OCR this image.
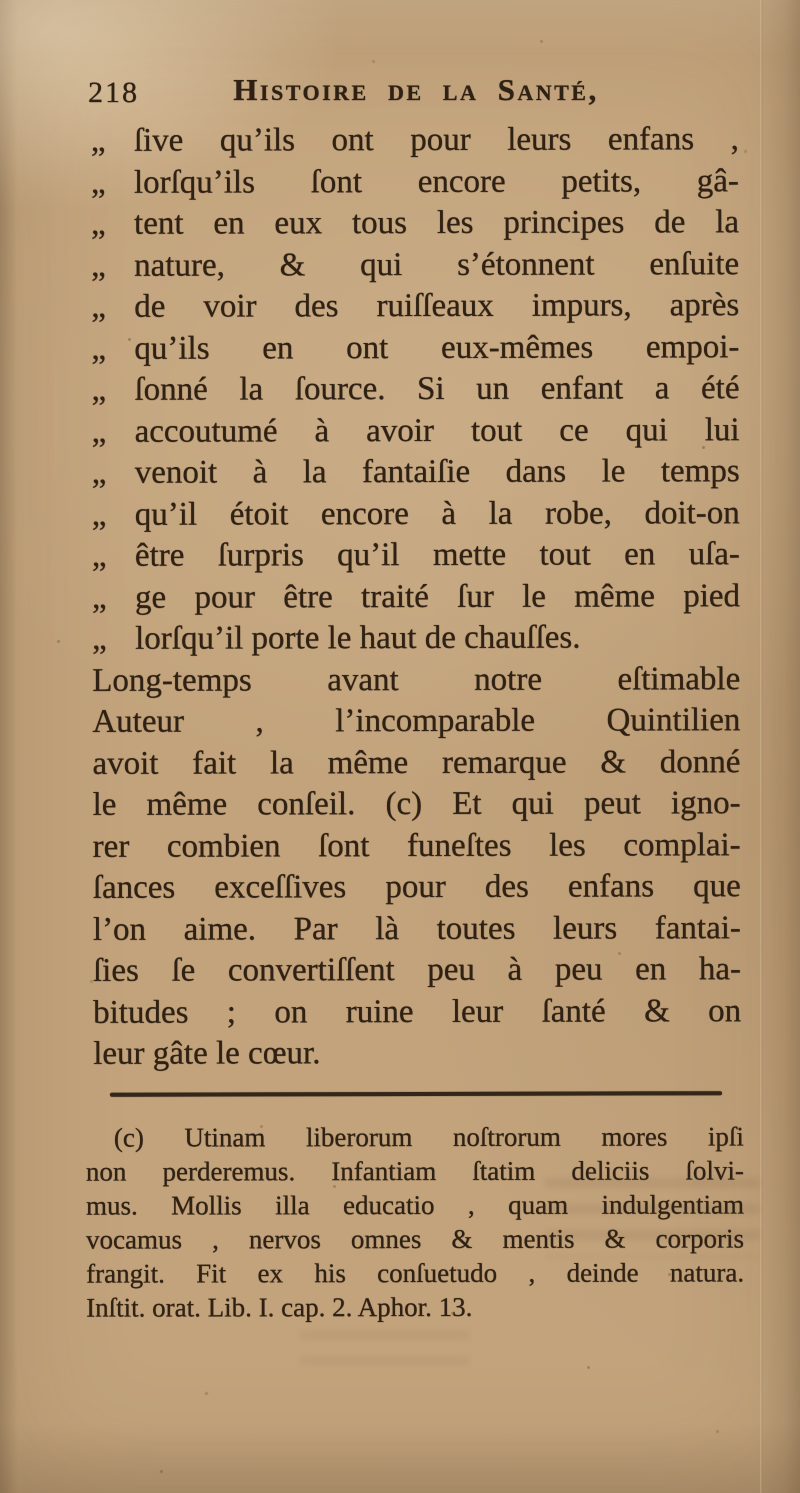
218	Histoire de la Santé,
„ ſive qu’ils ont pour leurs enfans ,
„ lorſqu’ils ſont encore petits, gâ-
„ tent en eux tous les principes de la
„ nature, & qui s’étonnent enſuite
„ de voir des ruiſſeaux impurs, après
„ qu’ils en ont eux-mêmes empoi-
„ ſonné la ſource. Si un enfant a été
„ accoutumé à avoir tout ce qui lui
„ venoit à la fantaiſie dans le temps
„ qu’il étoit encore à la robe, doit-on
„ être ſurpris qu’il mette tout en uſa-
„ ge pour être traité ſur le même pied
„ lorſqu’il porte le haut de chauſſes.
Long-temps avant notre eſtimable
Auteur , l’incomparable Quintilien
avoit fait la même remarque & donné
le même conſeil. (c) Et qui peut igno-
rer combien ſont funeſtes les complai-
ſances exceſſives pour des enfans que
l’on aime. Par là toutes leurs fantai-
ſies ſe convertiſſent peu à peu en ha-
bitudes ; on ruine leur ſanté & on
leur gâte le cœur.
(c) Utinam liberorum noſtrorum mores ipſi
non perderemus. Infantiam ſtatim deliciis ſolvi-
mus. Mollis illa educatio , quam indulgentiam
vocamus , nervos omnes & mentis & corporis
frangit. Fit ex his conſuetudo , deinde natura.
Inſtit. orat. Lib. I. cap. 2. Aphor. 13.
